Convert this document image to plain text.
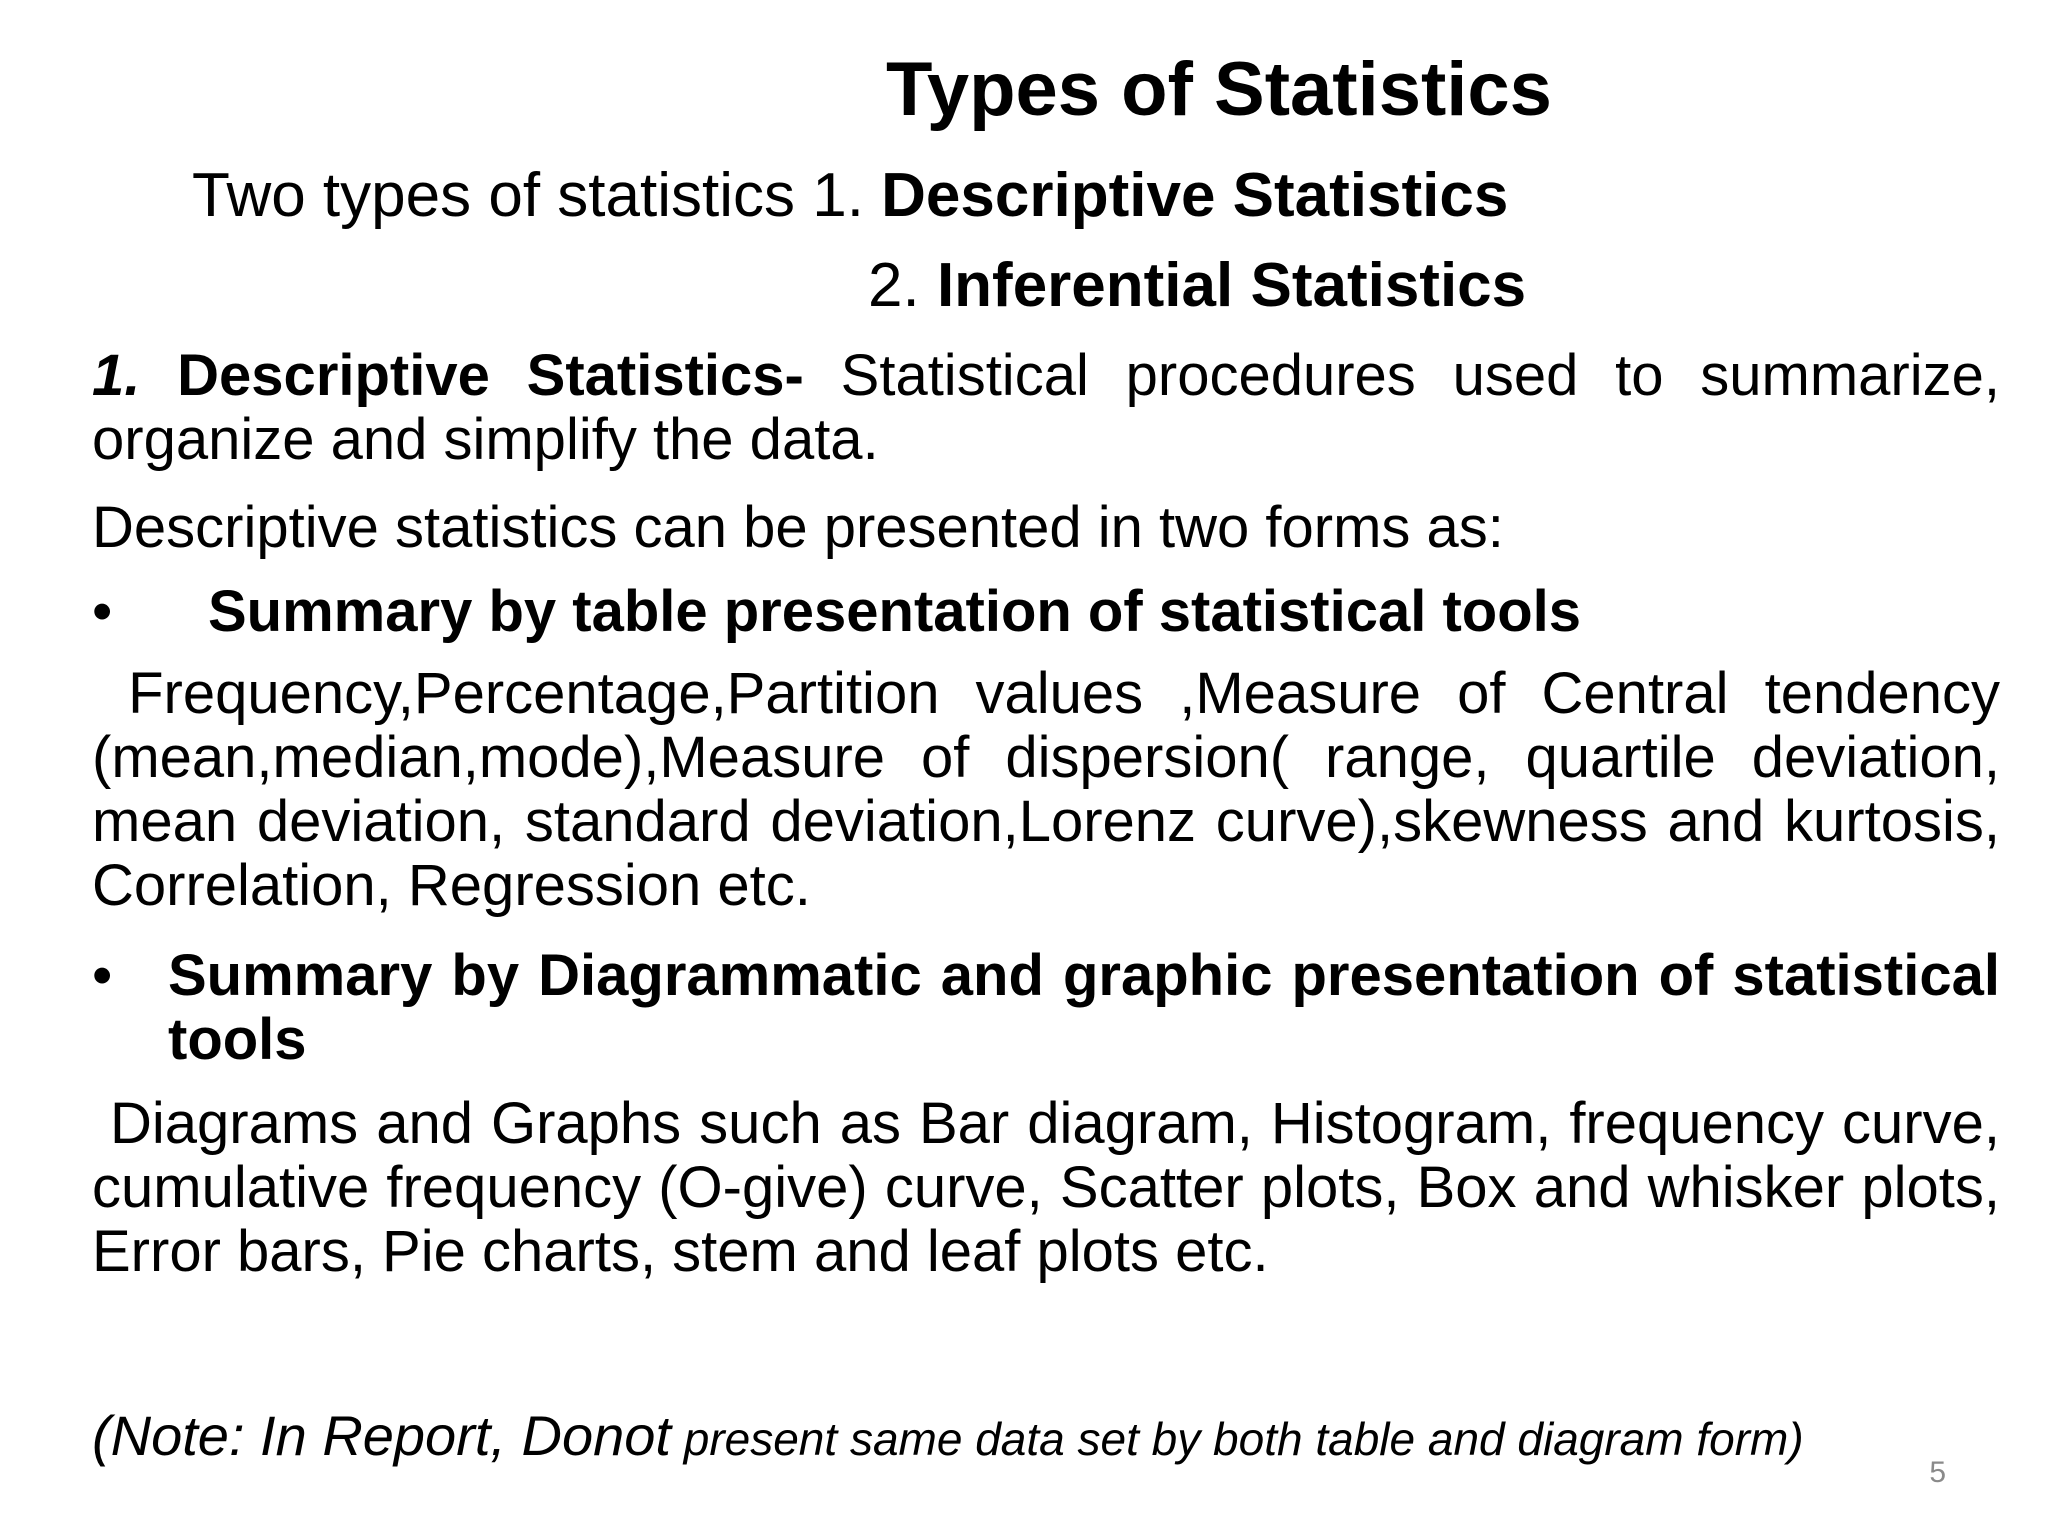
Types of Statistics
Two types of statistics 1. Descriptive Statistics
2. Inferential Statistics
1. Descriptive Statistics- Statistical procedures used to summarize, organize and simplify the data.
Descriptive statistics can be presented in two forms as:
•	Summary by table presentation of statistical tools
Frequency,Percentage,Partition values ,Measure of Central tendency (mean,median,mode),Measure of dispersion( range, quartile deviation, mean deviation, standard deviation,Lorenz curve),skewness and kurtosis, Correlation, Regression etc.
• Summary by Diagrammatic and graphic presentation of statistical tools
Diagrams and Graphs such as Bar diagram, Histogram, frequency curve, cumulative frequency (O-give) curve, Scatter plots, Box and whisker plots, Error bars, Pie charts, stem and leaf plots etc.
(Note: In Report, Donot present same data set by both table and diagram form)
5
